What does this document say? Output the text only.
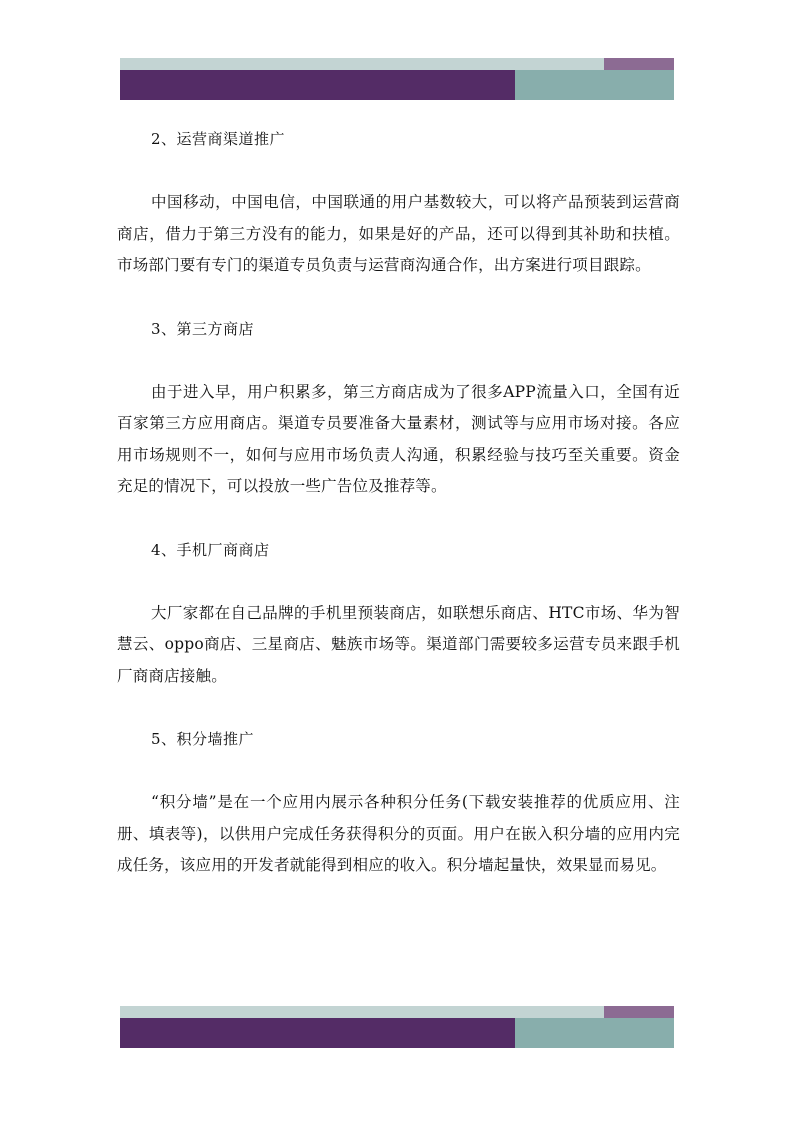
2、运营商渠道推广

中国移动，中国电信，中国联通的用户基数较大，可以将产品预装到运营商商店，借力于第三方没有的能力，如果是好的产品，还可以得到其补助和扶植。市场部门要有专门的渠道专员负责与运营商沟通合作，出方案进行项目跟踪。

3、第三方商店

由于进入早，用户积累多，第三方商店成为了很多APP流量入口，全国有近百家第三方应用商店。渠道专员要准备大量素材，测试等与应用市场对接。各应用市场规则不一，如何与应用市场负责人沟通，积累经验与技巧至关重要。资金充足的情况下，可以投放一些广告位及推荐等。

4、手机厂商商店

大厂家都在自己品牌的手机里预装商店，如联想乐商店、HTC市场、华为智慧云、oppo商店、三星商店、魅族市场等。渠道部门需要较多运营专员来跟手机厂商商店接触。

5、积分墙推广

“积分墙”是在一个应用内展示各种积分任务(下载安装推荐的优质应用、注册、填表等)，以供用户完成任务获得积分的页面。用户在嵌入积分墙的应用内完成任务，该应用的开发者就能得到相应的收入。积分墙起量快，效果显而易见。
